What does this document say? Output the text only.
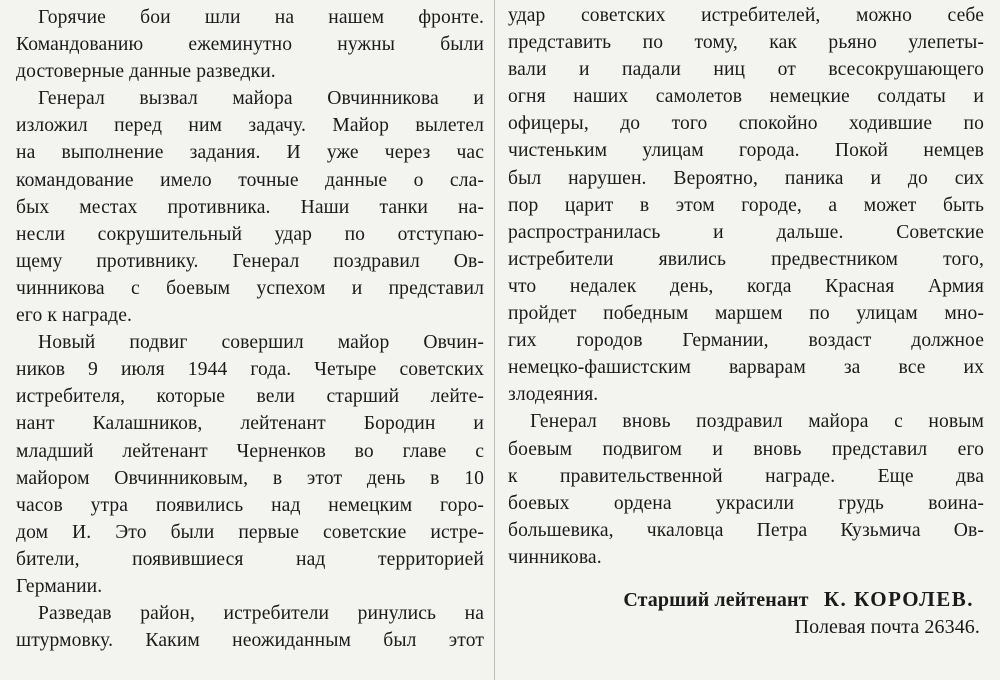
Горячие бои шли на нашем фронте.
Командованию ежеминутно нужны были
достоверные данные разведки.
Генерал вызвал майора Овчинникова и
изложил перед ним задачу. Майор вылетел
на выполнение задания. И уже через час
командование имело точные данные о сла-
бых местах противника. Наши танки на-
несли сокрушительный удар по отступаю-
щему противнику. Генерал поздравил Ов-
чинникова с боевым успехом и представил
его к награде.
Новый подвиг совершил майор Овчин-
ников 9 июля 1944 года. Четыре советских
истребителя, которые вели старший лейте-
нант Калашников, лейтенант Бородин и
младший лейтенант Черненков во главе с
майором Овчинниковым, в этот день в 10
часов утра появились над немецким горо-
дом И. Это были первые советские истре-
бители, появившиеся над территорией
Германии.
Разведав район, истребители ринулись на
штурмовку. Каким неожиданным был этот
удар советских истребителей, можно себе
представить по тому, как рьяно улепеты-
вали и падали ниц от всесокрушающего
огня наших самолетов немецкие солдаты и
офицеры, до того спокойно ходившие по
чистеньким улицам города. Покой немцев
был нарушен. Вероятно, паника и до сих
пор царит в этом городе, а может быть
распространилась и дальше. Советские
истребители явились предвестником того,
что недалек день, когда Красная Армия
пройдет победным маршем по улицам мно-
гих городов Германии, воздаст должное
немецко-фашистским варварам за все их
злодеяния.
Генерал вновь поздравил майора с новым
боевым подвигом и вновь представил его
к правительственной награде. Еще два
боевых ордена украсили грудь воина-
большевика, чкаловца Петра Кузьмича Ов-
чинникова.
Старший лейтенант К. КОРОЛЕВ.
Полевая почта 26346.
